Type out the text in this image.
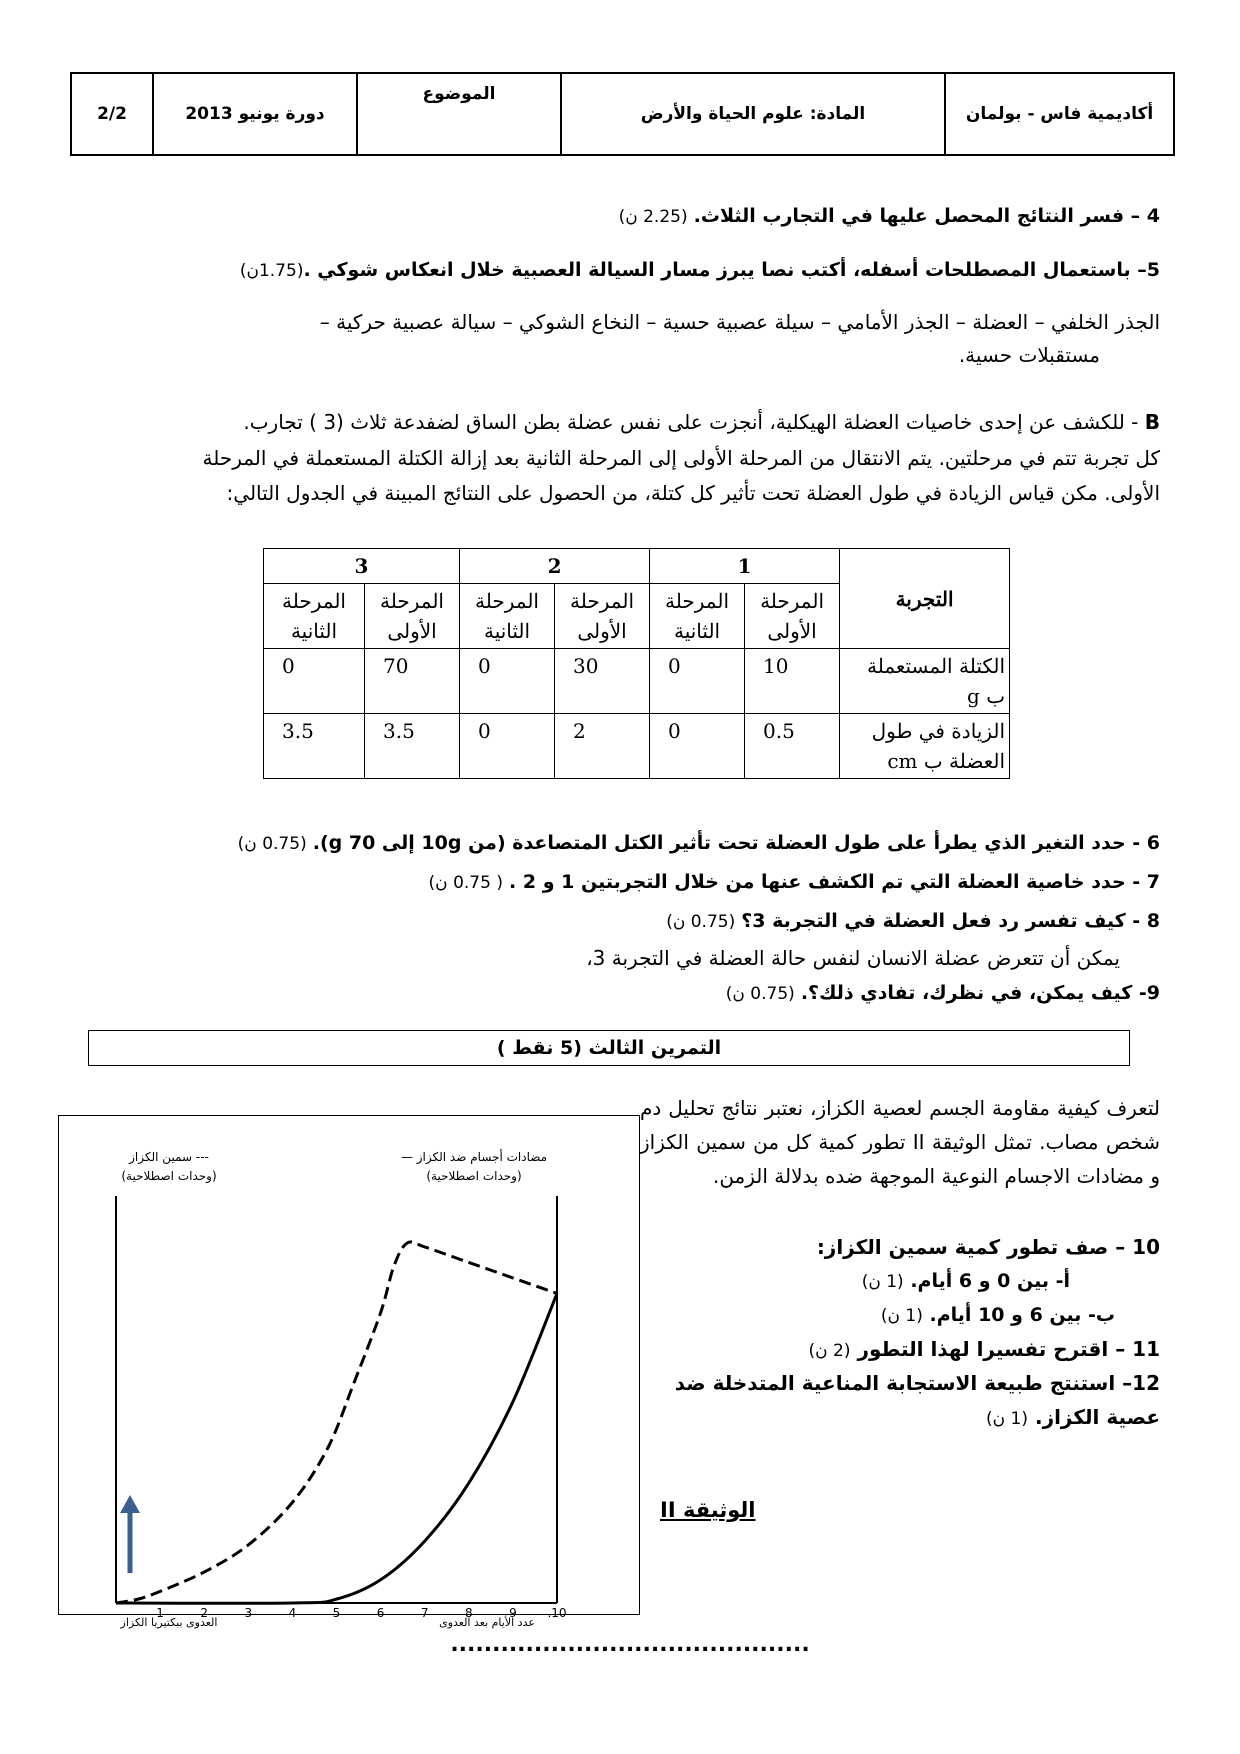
أكاديمية فاس - بولمان	المادة: علوم الحياة والأرض	الموضوع	دورة يونيو 2013	2/2
4 – فسر النتائج المحصل عليها في التجارب الثلاث. (2.25 ن)
5– باستعمال المصطلحات أسفله، أكتب نصا يبرز مسار السيالة العصبية خلال انعكاس شوكي .(1.75ن)
الجذر الخلفي – العضلة – الجذر الأمامي – سيلة عصبية حسية – النخاع الشوكي – سيالة عصبية حركية –
مستقبلات حسية.
B - للكشف عن إحدى خاصيات العضلة الهيكلية، أنجزت على نفس عضلة بطن الساق لضفدعة ثلاث (3 ) تجارب.
كل تجربة تتم في مرحلتين. يتم الانتقال من المرحلة الأولى إلى المرحلة الثانية بعد إزالة الكتلة المستعملة في المرحلة
الأولى. مكن قياس الزيادة في طول العضلة تحت تأثير كل كتلة، من الحصول على النتائج المبينة في الجدول التالي:
التجربة	1		2		3	
	المرحلة الأولى	المرحلة الثانية	المرحلة الأولى	المرحلة الثانية	المرحلة الأولى	المرحلة الثانية
الكتلة المستعملة ب g	10	0	30	0	70	0
الزيادة في طول العضلة ب cm	0.5	0	2	0	3.5	3.5
6 - حدد التغير الذي يطرأ على طول العضلة تحت تأثير الكتل المتصاعدة (من 10g إلى g 70). (0.75 ن)
7 - حدد خاصية العضلة التي تم الكشف عنها من خلال التجربتين 1 و 2 . ( 0.75 ن)
8 - كيف تفسر رد فعل العضلة في التجربة 3؟ (0.75 ن)
يمكن أن تتعرض عضلة الانسان لنفس حالة العضلة في التجربة 3،
9- كيف يمكن، في نظرك، تفادي ذلك؟. (0.75 ن)
التمرين الثالث (5 نقط )
--- سمين الكزاز
(وحدات اصطلاحية)
مضادات أجسام ضد الكزاز —
(وحدات اصطلاحية)
العدوى ببكتيريا الكزاز	عدد الأيام بعد العدوى
1	2	3	4	5	6	7	8	9	.10
لتعرف كيفية مقاومة الجسم لعصية الكزاز، نعتبر نتائج تحليل دم شخص مصاب. تمثل الوثيقة II تطور كمية كل من سمين الكزاز و مضادات الاجسام النوعية الموجهة ضده بدلالة الزمن.
10 – صف تطور كمية سمين الكزاز:
أ- بين 0 و 6 أيام. (1 ن)
ب- بين 6 و 10 أيام. (1 ن)
11 – اقترح تفسيرا لهذا التطور (2 ن)
12– استنتج طبيعة الاستجابة المناعية المتدخلة ضد
عصية الكزاز. (1 ن)
الوثيقة II
...........................................
